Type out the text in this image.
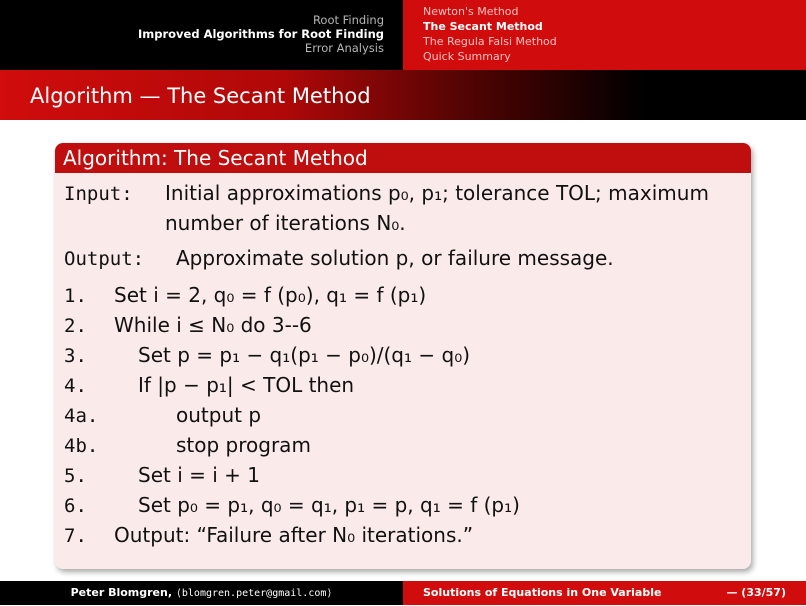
Root Finding
Improved Algorithms for Root Finding
Error Analysis
Newton's Method
The Secant Method
The Regula Falsi Method
Quick Summary
Algorithm — The Secant Method
Algorithm: The Secant Method
Input: Initial approximations p₀, p₁; tolerance TOL; maximum
number of iterations N₀.
Output: Approximate solution p, or failure message.
1. Set i = 2, q₀ = f (p₀), q₁ = f (p₁)
2. While i ≤ N₀ do 3--6
3.	Set p = p₁ − q₁(p₁ − p₀)/(q₁ − q₀)
4.	If |p − p₁| < TOL then
4a.	output p
4b.	stop program
5.	Set i = i + 1
6.	Set p₀ = p₁, q₀ = q₁, p₁ = p, q₁ = f (p₁)
7. Output: “Failure after N₀ iterations.”
Peter Blomgren, ⟨blomgren.peter@gmail.com⟩	Solutions of Equations in One Variable	— (33/57)
